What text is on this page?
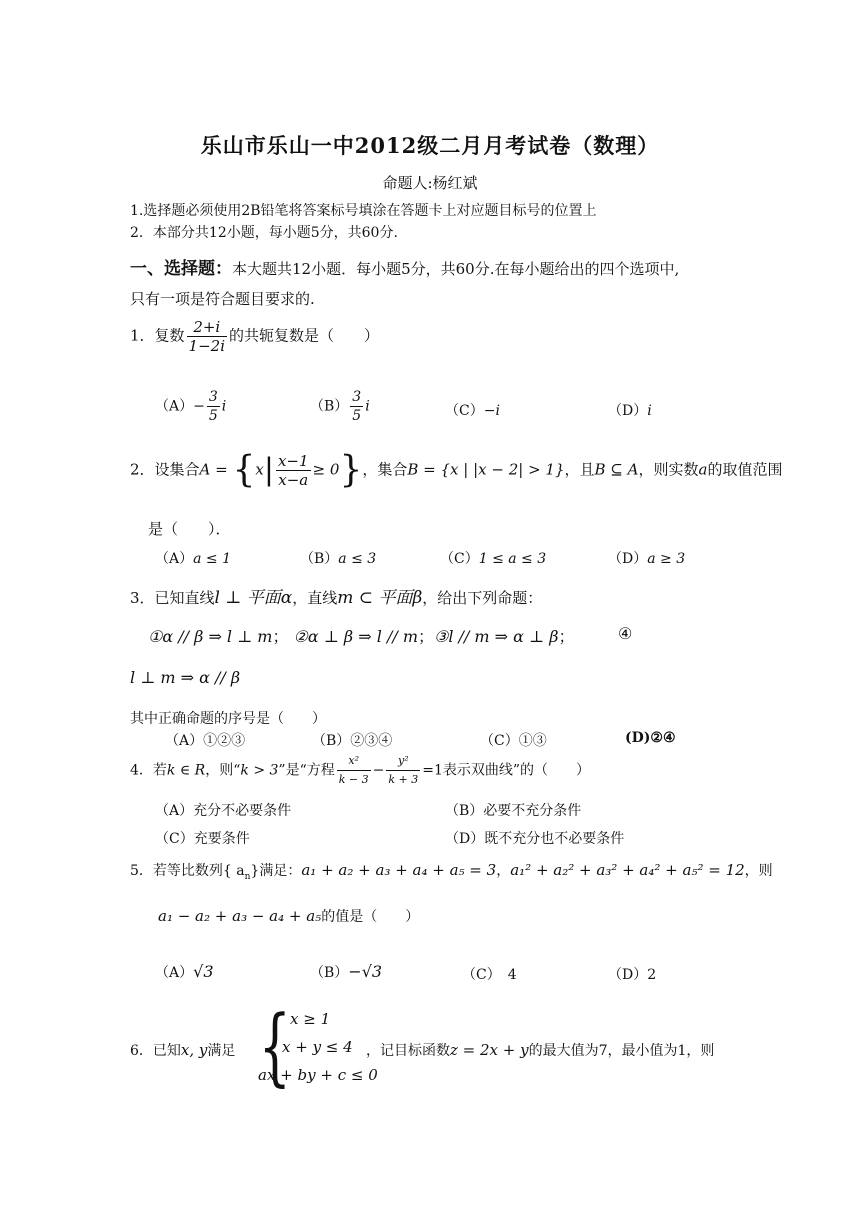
乐山市乐山一中2012级二月月考试卷（数理）
命题人:杨红斌
1.选择题必须使用2B铅笔将答案标号填涂在答题卡上对应题目标号的位置上
2．本部分共12小题，每小题5分，共60分.
一、选择题：本大题共12小题．每小题5分，共60分.在每小题给出的四个选项中,
只有一项是符合题目要求的.
1．复数 $\frac{2+i}{1-2i}$ 的共轭复数是（　　）
$(A)- \frac{3}{5}$ i	$(B) \frac{3}{5}$ i	（C）−i	（D）i
2．设集合$A = \{x| \frac{x-1}{x-a} \ge 0\}$，集合B = {x | |x − 2| > 1}，且B ⊆ A，则实数a的取值范围
是（　　）．
（A）a ≤ 1	（B）a ≤ 3	（C）1 ≤ a ≤ 3	（D）a ≥ 3
3．已知直线l ⊥ 平面α，直线m ⊂ 平面β，给出下列命题：
①α // β ⇒ l ⊥ m； ②α ⊥ β ⇒ l // m；③l // m ⇒ α ⊥ β；	④
l ⊥ m ⇒ α // β
其中正确命题的序号是（　　）
（A）①②③	（B）②③④	（C）①③	(D)②④
4．若k ∈ R，则“k > 3”是“方程 $\frac{\text{x²}}{k - 3} - \frac{\text{y²}}{k + 3} =1$表示双曲线”的（　　）
（A）充分不必要条件	（B）必要不充分条件
（C）充要条件	（D）既不充分也不必要条件
5．若等比数列{ $a_n$}满足：a₁ + a₂ + a₃ + a₄ + a₅ = 3，a₁² + a₂² + a₃² + a₄² + a₅² = 12，则
a₁ − a₂ + a₃ − a₄ + a₅的值是（　　）
（A）√3	（B）−√3	（C）　4	（D）2
6．已知x, y满足 { x ≥ 1
x + y ≤ 4
ax + by + c ≤ 0
，记目标函数z = 2x + y的最大值为7，最小值为1，则
